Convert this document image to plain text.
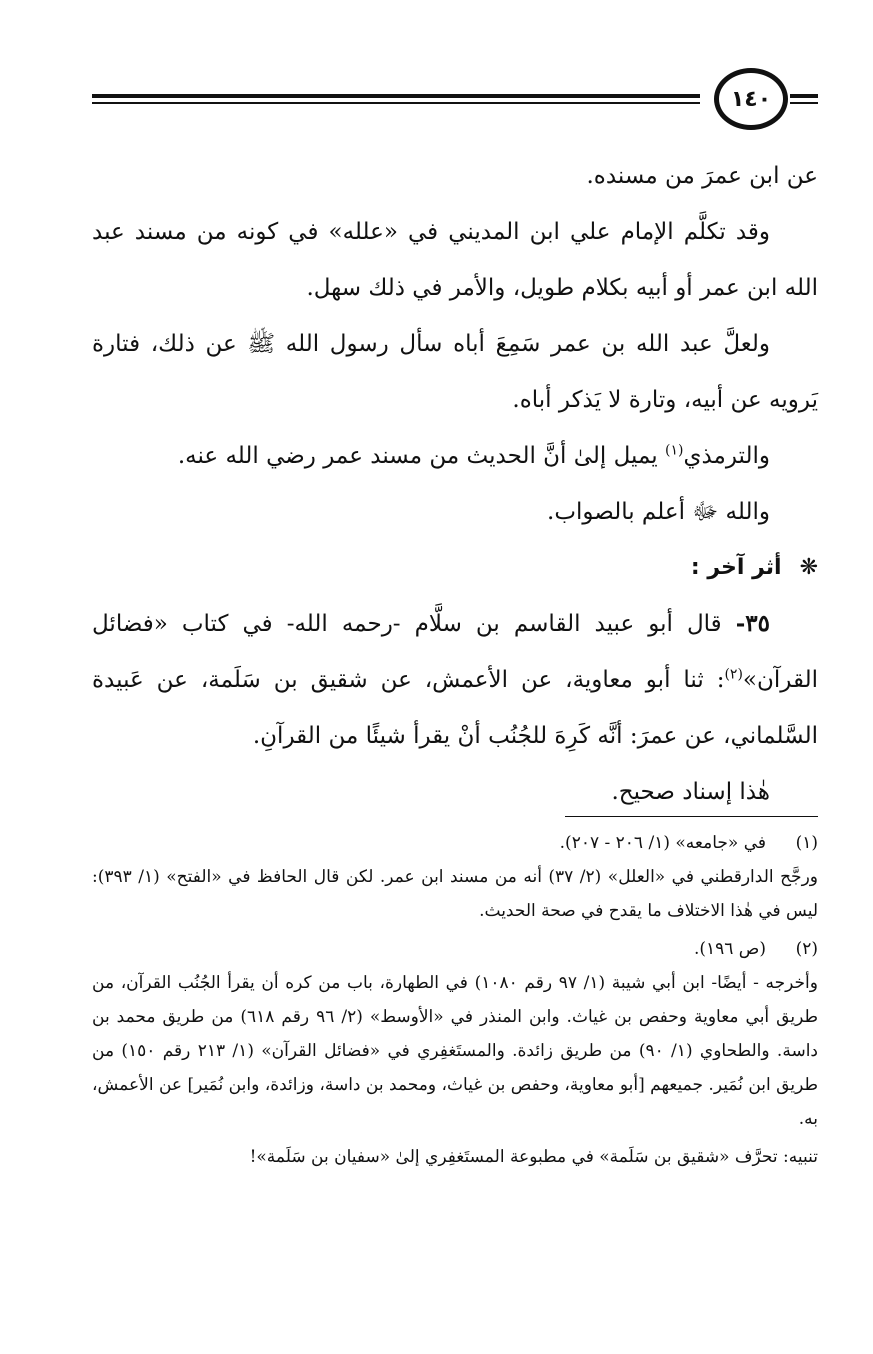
١٤٠

عن ابن عمرَ من مسنده.

وقد تكلَّم الإمام علي ابن المديني في «علله» في كونه من مسند عبد الله ابن عمر أو أبيه بكلام طويل، والأمر في ذلك سهل.

ولعلَّ عبد الله بن عمر سَمِعَ أباه سأل رسول الله ﷺ عن ذلك، فتارة يَرويه عن أبيه، وتارة لا يَذكر أباه.

والترمذي$^{(١)}$ يميل إلىٰ أنَّ الحديث من مسند عمر رضي الله عنه.

والله ﷻ أعلم بالصواب.

❋أثر آخر :

٣٥- قال أبو عبيد القاسم بن سلَّام -رحمه الله- في كتاب «فضائل القرآن»$^{(٢)}$: ثنا أبو معاوية، عن الأعمش، عن شقيق بن سَلَمة، عن عَبيدة السَّلماني، عن عمرَ: أنَّه كَرِهَ للجُنُب أنْ يقرأ شيئًا من القرآنِ.

هٰذا إسناد صحيح.

(١)
في «جامعه» (١/ ٢٠٦ - ٢٠٧).

ورجَّح الدارقطني في «العلل» (٢/ ٣٧) أنه من مسند ابن عمر. لكن قال الحافظ في «الفتح» (١/ ٣٩٣): ليس في هٰذا الاختلاف ما يقدح في صحة الحديث.

(٢)
(ص ١٩٦).

وأخرجه - أيضًا- ابن أبي شيبة (١/ ٩٧ رقم ١٠٨٠) في الطهارة، باب من كره أن يقرأ الجُنُب القرآن، من طريق أبي معاوية وحفص بن غياث. وابن المنذر في «الأوسط» (٢/ ٩٦ رقم ٦١٨) من طريق محمد بن داسة. والطحاوي (١/ ٩٠) من طريق زائدة. والمستَغفِري في «فضائل القرآن» (١/ ٢١٣ رقم ١٥٠) من طريق ابن نُمَير. جميعهم [أبو معاوية، وحفص بن غياث، ومحمد بن داسة، وزائدة، وابن نُمَير] عن الأعمش، به.

تنبيه: تحرَّف «شقيق بن سَلَمة» في مطبوعة المستَغفِري إلىٰ «سفيان بن سَلَمة»!
